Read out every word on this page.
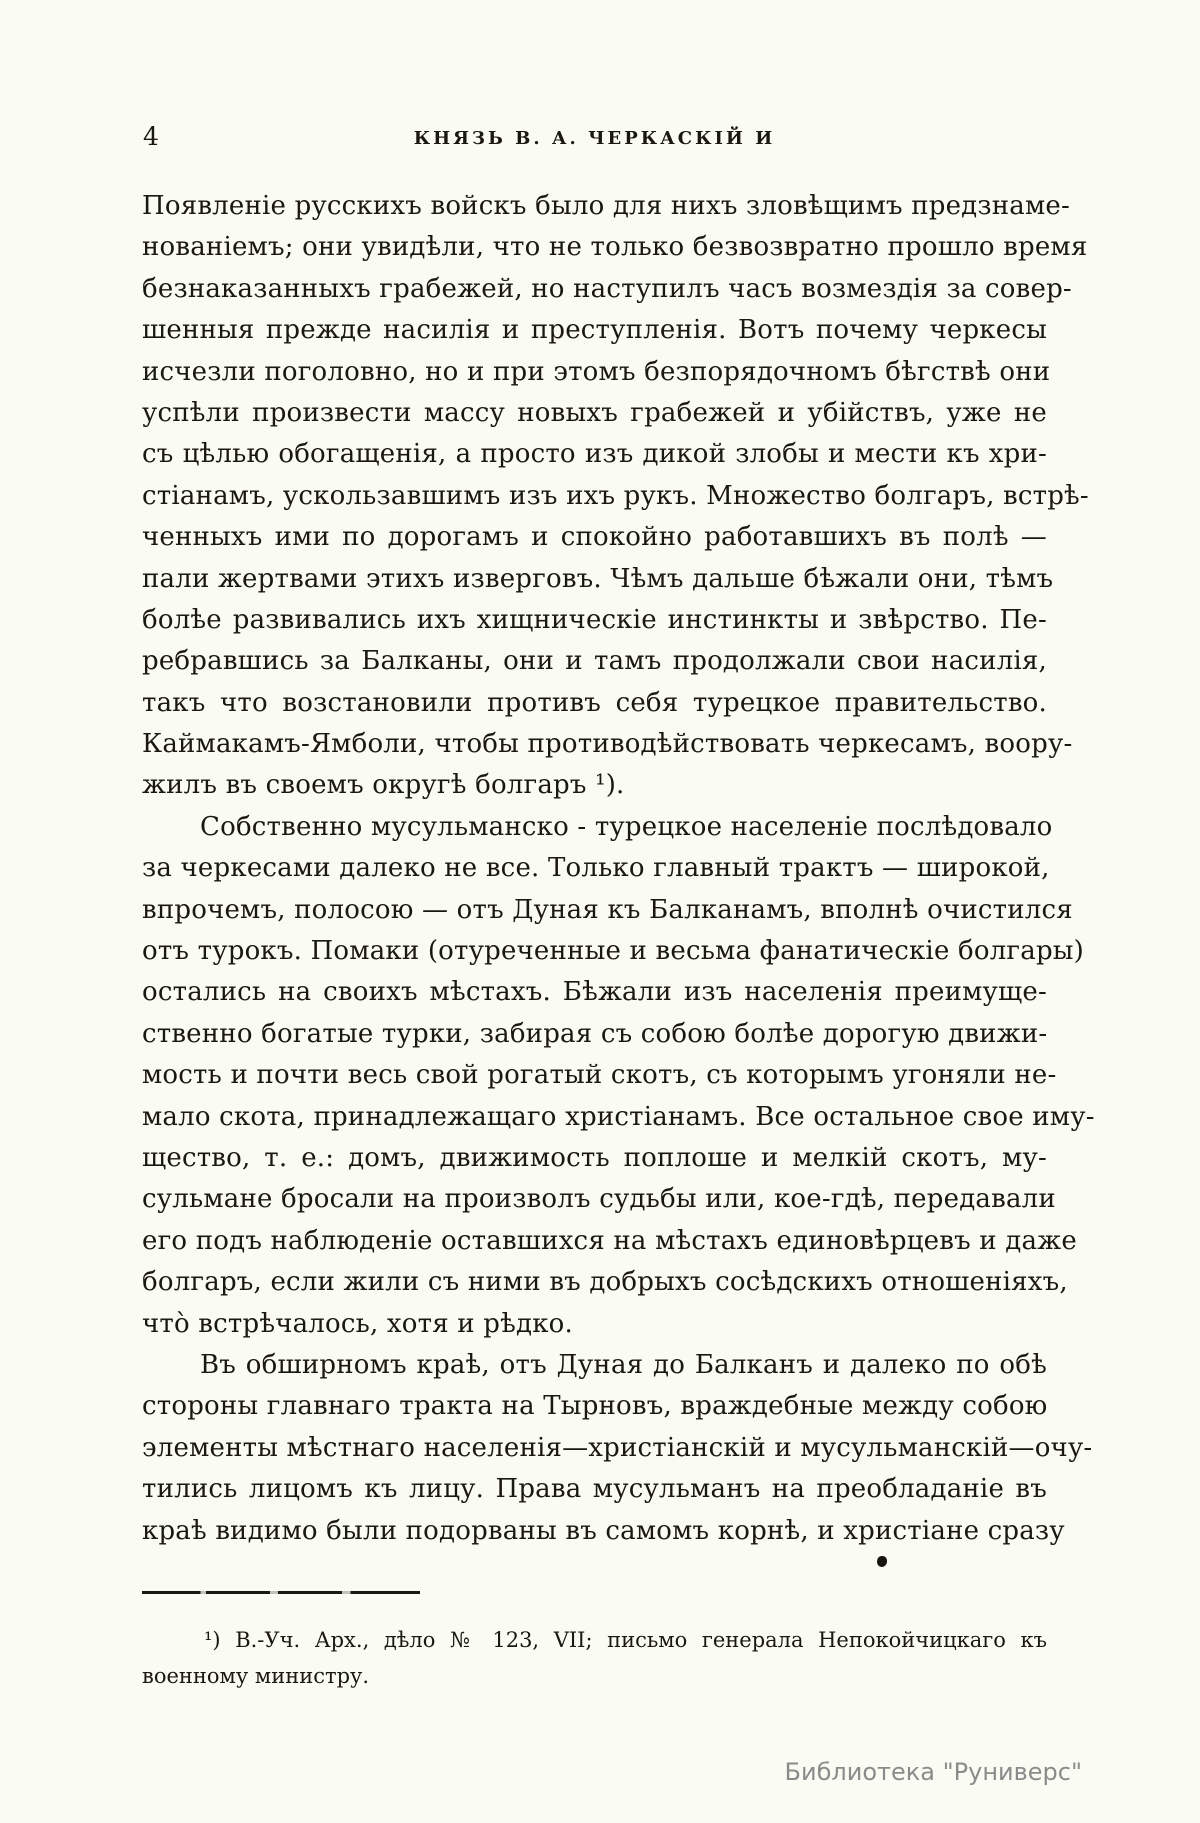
4	КНЯЗЬ В. А. ЧЕРКАСКІЙ И
Появленіе русскихъ войскъ было для нихъ зловѣщимъ предзнаме-
нованіемъ; они увидѣли, что не только безвозвратно прошло время
безнаказанныхъ грабежей, но наступилъ часъ возмездія за совер-
шенныя прежде насилія и преступленія. Вотъ почему черкесы
исчезли поголовно, но и при этомъ безпорядочномъ бѣгствѣ они
успѣли произвести массу новыхъ грабежей и убійствъ, уже не
съ цѣлью обогащенія, а просто изъ дикой злобы и мести къ хри-
стіанамъ, ускользавшимъ изъ ихъ рукъ. Множество болгаръ, встрѣ-
ченныхъ ими по дорогамъ и спокойно работавшихъ въ полѣ —
пали жертвами этихъ изверговъ. Чѣмъ дальше бѣжали они, тѣмъ
болѣе развивались ихъ хищническіе инстинкты и звѣрство. Пе-
ребравшись за Балканы, они и тамъ продолжали свои насилія,
такъ что возстановили противъ себя турецкое правительство.
Каймакамъ-Ямболи, чтобы противодѣйствовать черкесамъ, воору-
жилъ въ своемъ округѣ болгаръ ¹).
Собственно мусульманско - турецкое населеніе послѣдовало
за черкесами далеко не все. Только главный трактъ — широкой,
впрочемъ, полосою — отъ Дуная къ Балканамъ, вполнѣ очистился
отъ турокъ. Помаки (отуреченные и весьма фанатическіе болгары)
остались на своихъ мѣстахъ. Бѣжали изъ населенія преимуще-
ственно богатые турки, забирая съ собою болѣе дорогую движи-
мость и почти весь свой рогатый скотъ, съ которымъ угоняли не-
мало скота, принадлежащаго христіанамъ. Все остальное свое иму-
щество, т. е.: домъ, движимость поплоше и мелкій скотъ, му-
сульмане бросали на произволъ судьбы или, кое-гдѣ, передавали
его подъ наблюденіе оставшихся на мѣстахъ единовѣрцевъ и даже
болгаръ, если жили съ ними въ добрыхъ сосѣдскихъ отношеніяхъ,
чтò встрѣчалось, хотя и рѣдко.
Въ обширномъ краѣ, отъ Дуная до Балканъ и далеко по обѣ
стороны главнаго тракта на Тырновъ, враждебные между собою
элементы мѣстнаго населенія—христіанскій и мусульманскій—очу-
тились лицомъ къ лицу. Права мусульманъ на преобладаніе въ
краѣ видимо были подорваны въ самомъ корнѣ, и христіане сразу
¹) В.-Уч. Арх., дѣло № 123, VII; письмо генерала Непокойчицкаго къ
военному министру.
Библиотека "Руниверс"
